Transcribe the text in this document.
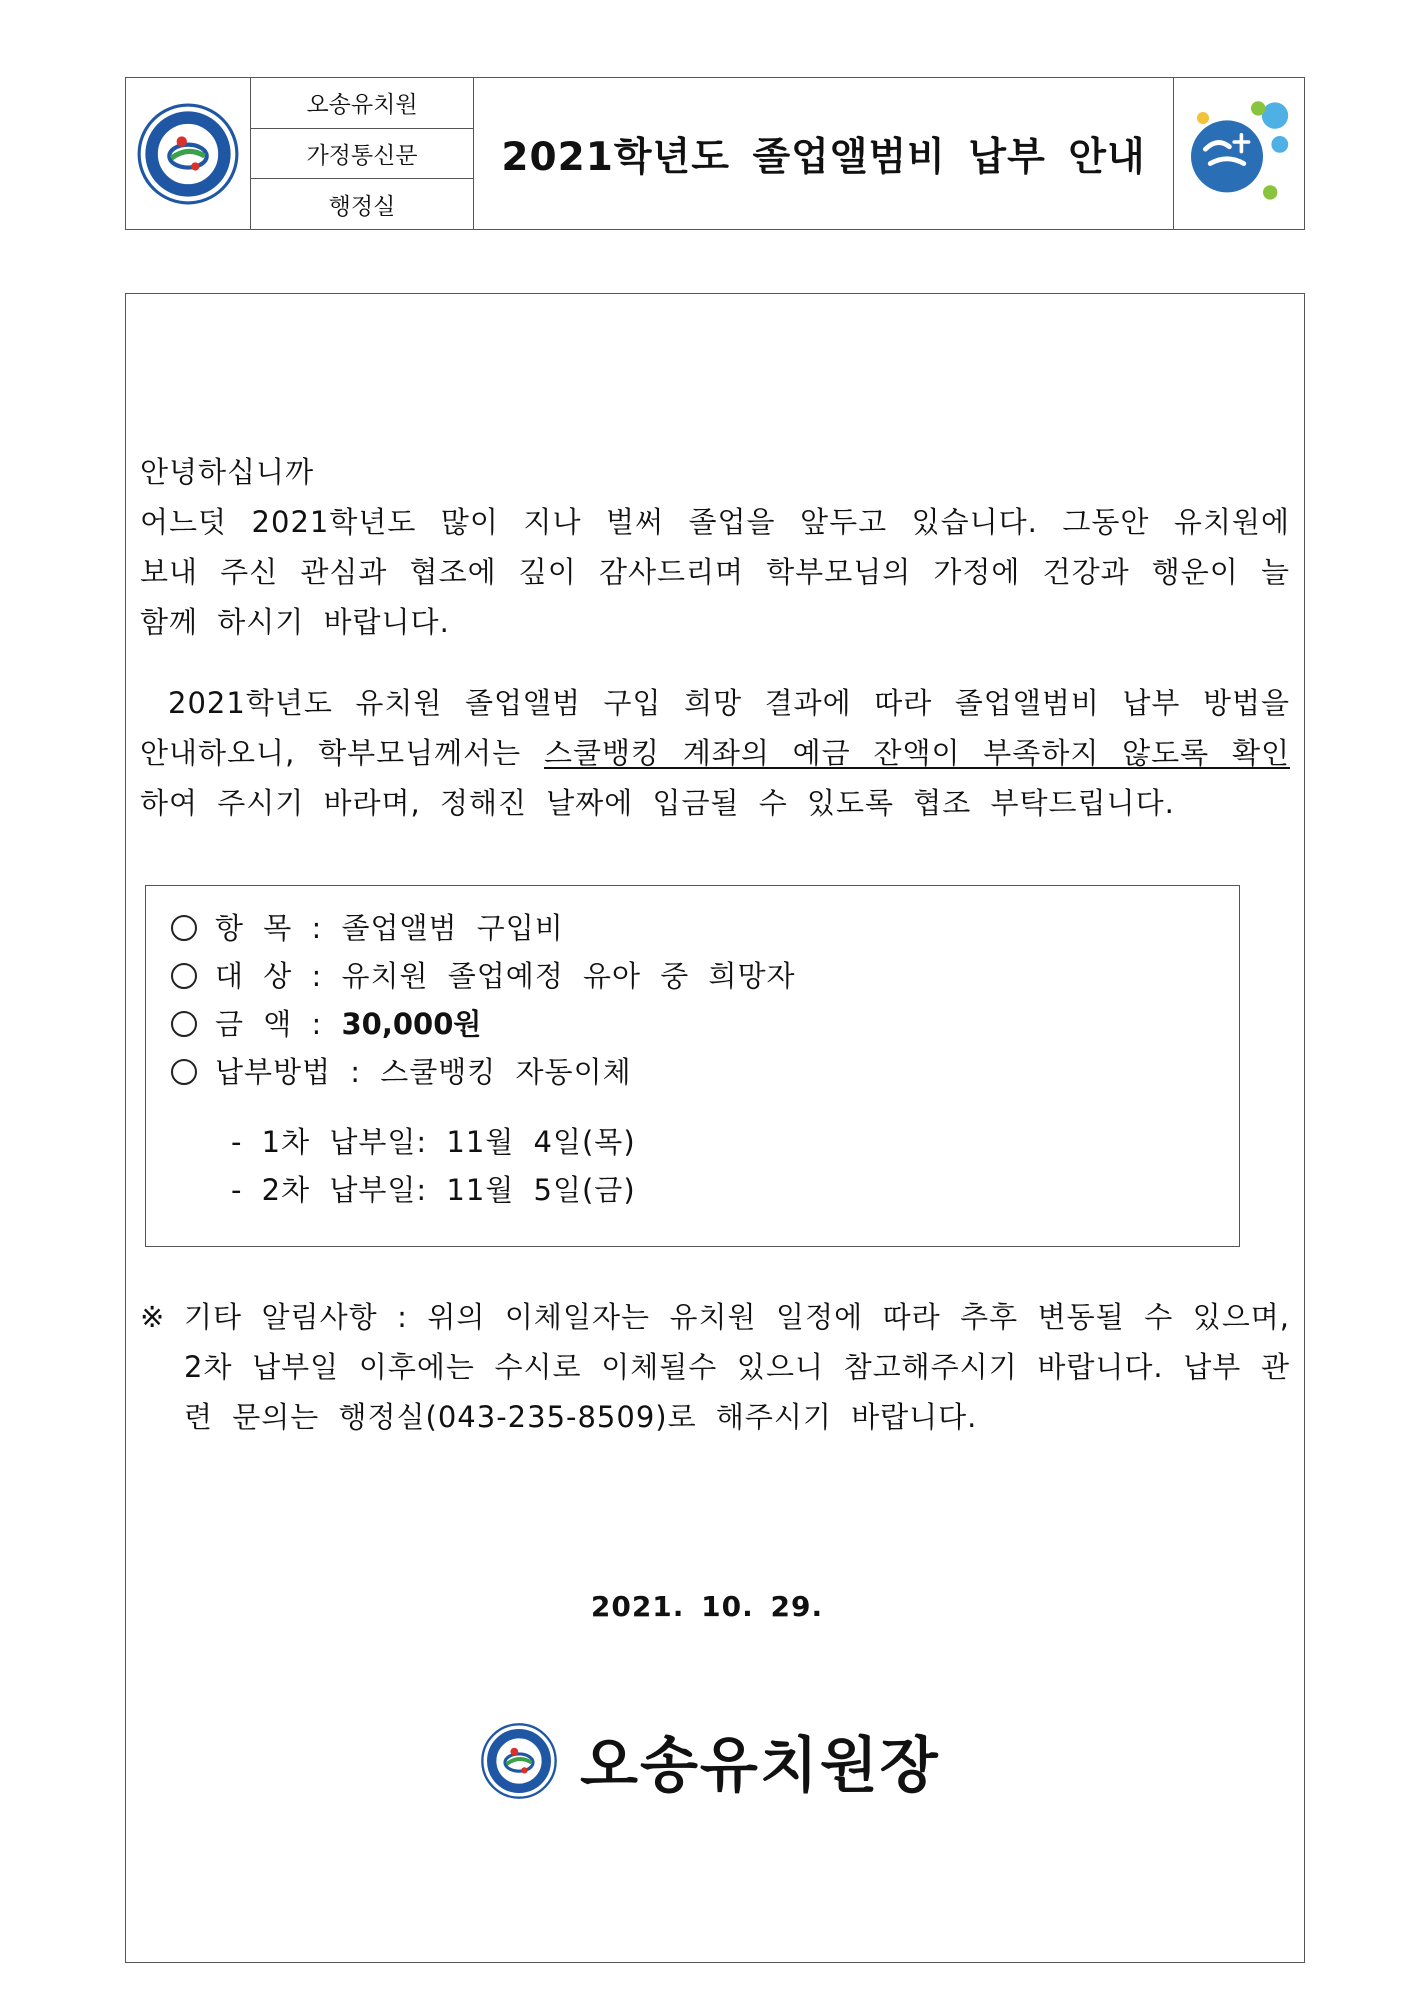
오송유치원
가정통신문
행정실
2021학년도 졸업앨범비 납부 안내
안녕하십니까
어느덧 2021학년도 많이 지나 벌써 졸업을 앞두고 있습니다. 그동안 유치원에 보내 주신 관심과 협조에 깊이 감사드리며 학부모님의 가정에 건강과 행운이 늘 함께 하시기 바랍니다.
2021학년도 유치원 졸업앨범 구입 희망 결과에 따라 졸업앨범비 납부 방법을 안내하오니, 학부모님께서는 스쿨뱅킹 계좌의 예금 잔액이 부족하지 않도록 확인하여 주시기 바라며, 정해진 날짜에 입금될 수 있도록 협조 부탁드립니다.
항 목 : 졸업앨범 구입비
대 상 : 유치원 졸업예정 유아 중 희망자
금 액 : 30,000원
납부방법 : 스쿨뱅킹 자동이체
- 1차 납부일: 11월 4일(목)
- 2차 납부일: 11월 5일(금)
※ 기타 알림사항 : 위의 이체일자는 유치원 일정에 따라 추후 변동될 수 있으며, 2차 납부일 이후에는 수시로 이체될수 있으니 참고해주시기 바랍니다. 납부 관련 문의는 행정실(043-235-8509)로 해주시기 바랍니다.
2021. 10. 29.
오송유치원장
